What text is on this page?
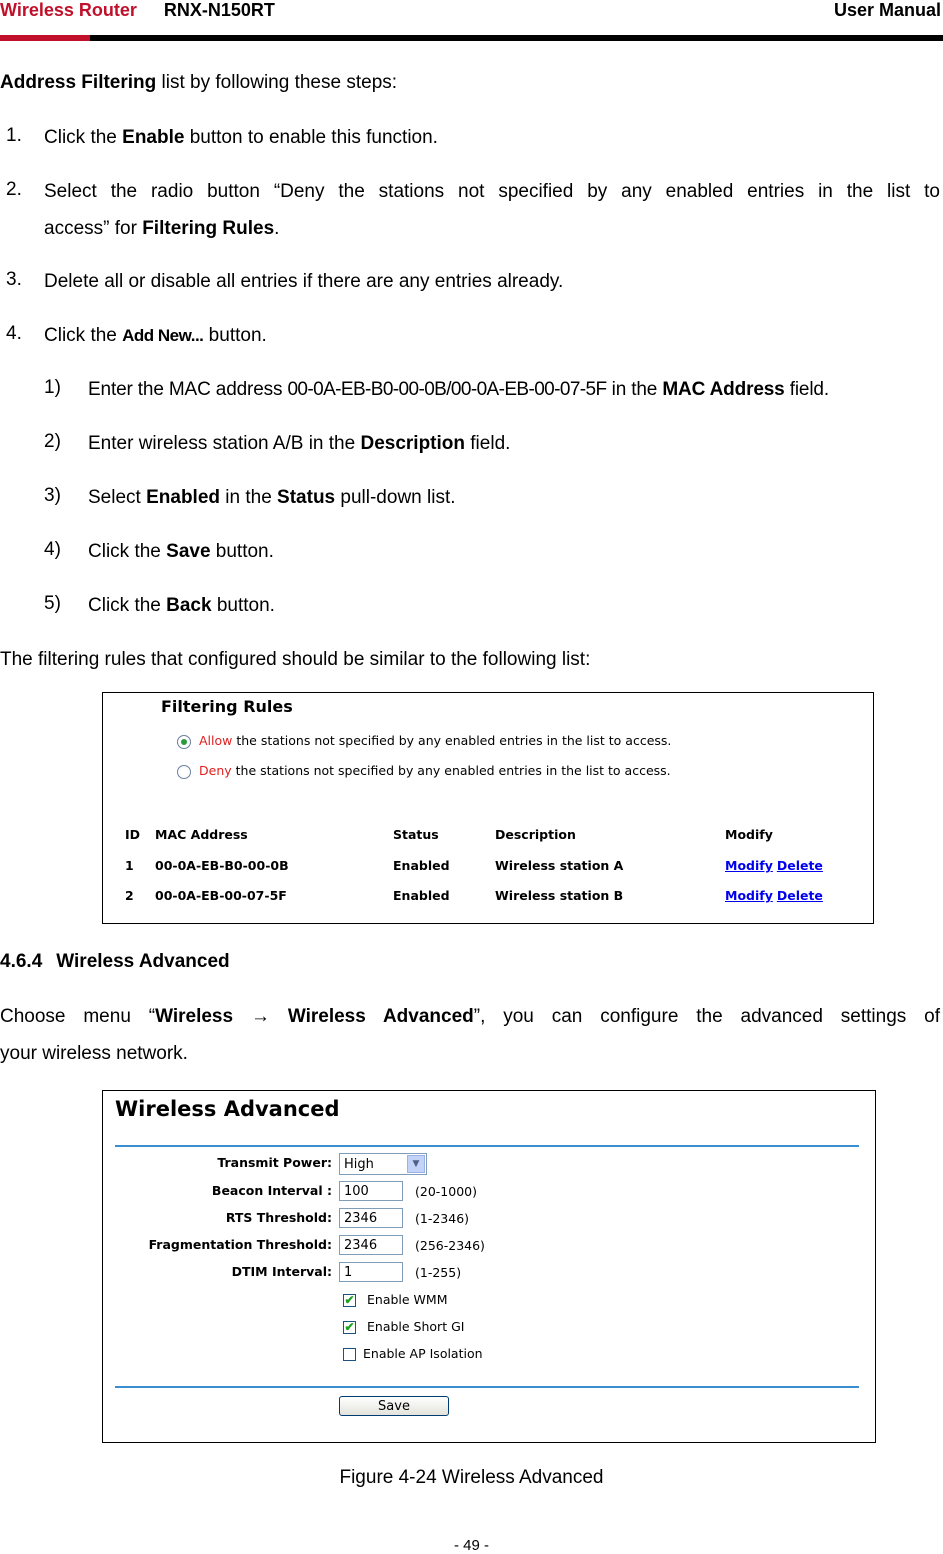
Wireless Router RNX-N150RT	User Manual
Address Filtering list by following these steps:
1. Click the Enable button to enable this function.
2. Select the radio button “Deny the stations not specified by any enabled entries in the list to
access” for Filtering Rules.
3. Delete all or disable all entries if there are any entries already.
4. Click the Add New... button.
1) Enter the MAC address 00-0A-EB-B0-00-0B/00-0A-EB-00-07-5F in the MAC Address field.
2) Enter wireless station A/B in the Description field.
3) Select Enabled in the Status pull-down list.
4) Click the Save button.
5) Click the Back button.
The filtering rules that configured should be similar to the following list:
Filtering Rules
Allow the stations not specified by any enabled entries in the list to access.
Deny the stations not specified by any enabled entries in the list to access.
ID MAC Address	Status	Description	Modify
1 00-0A-EB-B0-00-0B	Enabled	Wireless station A	Modify Delete
2 00-0A-EB-00-07-5F	Enabled	Wireless station B	Modify Delete
4.6.4 Wireless Advanced
Choose menu “Wireless → Wireless Advanced”, you can configure the advanced settings of
your wireless network.
Wireless Advanced
Transmit Power: High	▼
Beacon Interval : 100	(20-1000)
RTS Threshold: 2346	(1-2346)
Fragmentation Threshold: 2346	(256-2346)
DTIM Interval: 1	(1-255)
✔ Enable WMM
✔ Enable Short GI
Enable AP Isolation
Save
Figure 4-24 Wireless Advanced
- 49 -
